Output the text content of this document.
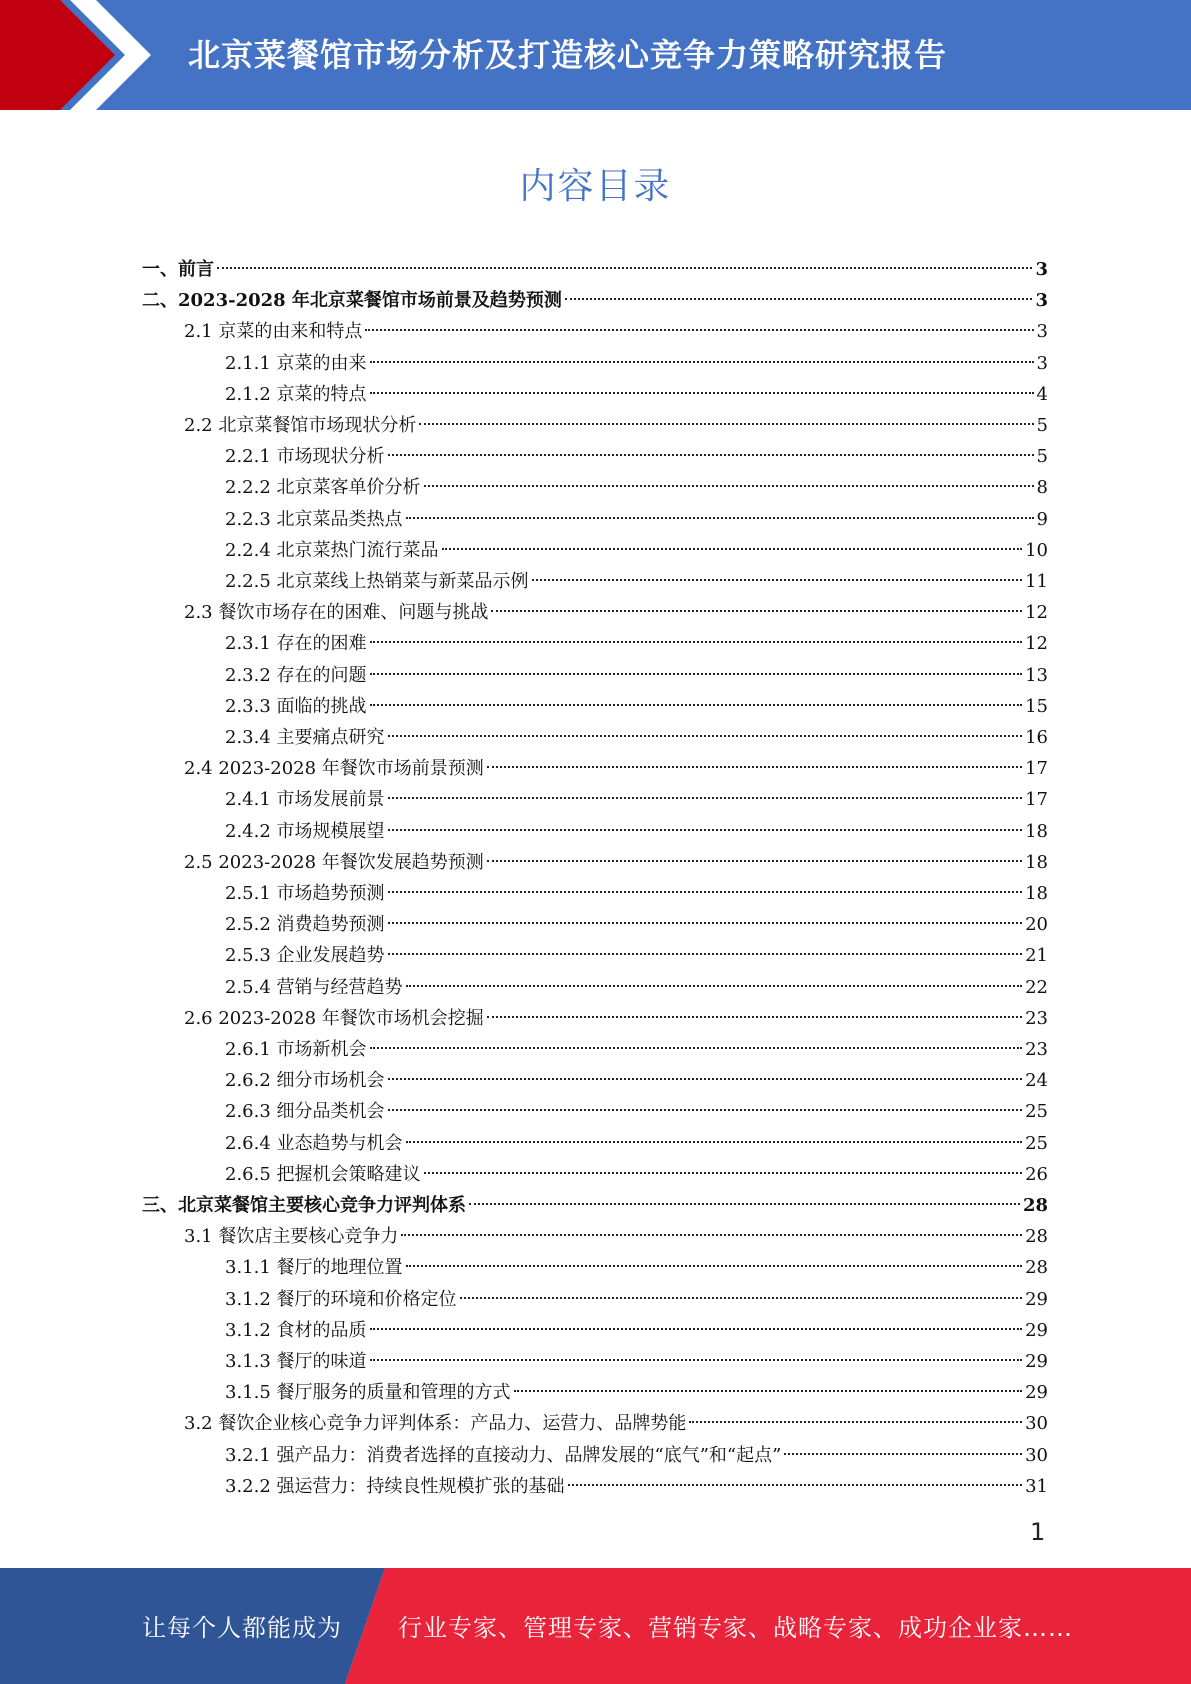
北京菜餐馆市场分析及打造核心竞争力策略研究报告
内容目录
一、前言	3
二、2023-2028 年北京菜餐馆市场前景及趋势预测	3
2.1 京菜的由来和特点	3
2.1.1 京菜的由来	3
2.1.2 京菜的特点	4
2.2 北京菜餐馆市场现状分析	5
2.2.1 市场现状分析	5
2.2.2 北京菜客单价分析	8
2.2.3 北京菜品类热点	9
2.2.4 北京菜热门流行菜品	10
2.2.5 北京菜线上热销菜与新菜品示例	11
2.3 餐饮市场存在的困难、问题与挑战	12
2.3.1 存在的困难	12
2.3.2 存在的问题	13
2.3.3 面临的挑战	15
2.3.4 主要痛点研究	16
2.4 2023-2028 年餐饮市场前景预测	17
2.4.1 市场发展前景	17
2.4.2 市场规模展望	18
2.5 2023-2028 年餐饮发展趋势预测	18
2.5.1 市场趋势预测	18
2.5.2 消费趋势预测	20
2.5.3 企业发展趋势	21
2.5.4 营销与经营趋势	22
2.6 2023-2028 年餐饮市场机会挖掘	23
2.6.1 市场新机会	23
2.6.2 细分市场机会	24
2.6.3 细分品类机会	25
2.6.4 业态趋势与机会	25
2.6.5 把握机会策略建议	26
三、北京菜餐馆主要核心竞争力评判体系	28
3.1 餐饮店主要核心竞争力	28
3.1.1 餐厅的地理位置	28
3.1.2 餐厅的环境和价格定位	29
3.1.2 食材的品质	29
3.1.3 餐厅的味道	29
3.1.5 餐厅服务的质量和管理的方式	29
3.2 餐饮企业核心竞争力评判体系：产品力、运营力、品牌势能	30
3.2.1 强产品力：消费者选择的直接动力、品牌发展的“底气”和“起点”	30
3.2.2 强运营力：持续良性规模扩张的基础	31
1
让每个人都能成为 行业专家、管理专家、营销专家、战略专家、成功企业家……
